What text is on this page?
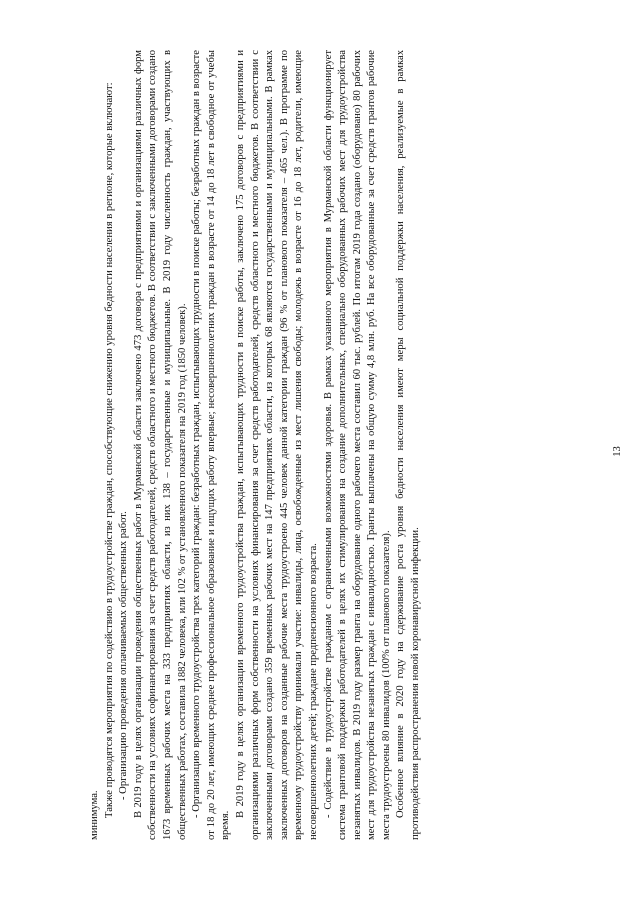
13

минимума. Также проводятся мероприятия по содействию в трудоустройстве граждан, способствующие снижению уровня бедности населения в регионе, которые включают: - Организацию проведения оплачиваемых общественных работ. В 2019 году в целях организации проведения общественных работ в Мурманской области заключено 473 договора с предприятиями и организациями различных форм собственности на условиях софинансирования за счет средств работодателей, средств областного и местного бюджетов. В соответствии с заключенными договорами создано 1673 временных рабочих места на 333 предприятиях области, из них 138 – государственные и муниципальные. В 2019 году численность граждан, участвующих в общественных работах, составила 1882 человека, или 102 % от установленного показателя на 2019 год (1850 человек). - Организацию временного трудоустройства трех категорий граждан: безработных граждан, испытывающих трудности в поиске работы; безработных граждан в возрасте от 18 до 20 лет, имеющих среднее профессиональное образование и ищущих работу впервые; несовершеннолетних граждан в возрасте от 14 до 18 лет в свободное от учебы время.

В 2019 году в целях организации временного трудоустройства граждан, испытывающих трудности в поиске работы, заключено 175 договоров с предприятиями и организациями различных форм собственности на условиях финансирования за счет средств работодателей, средств областного и местного бюджетов. В соответствии с заключенными договорами создано 359 временных рабочих мест на 147 предприятиях области, из которых 68 являются государственными и муниципальными. В рамках заключенных договоров на созданные рабочие места трудоустроено 445 человек данной категории граждан (96 % от планового показателя – 465 чел.). В программе по временному трудоустройству принимали участие: инвалиды, лица, освобожденные из мест лишения свободы; молодежь в возрасте от 16 до 18 лет, родители, имеющие несовершеннолетних детей; граждане предпенсионного возраста. - Содействие в трудоустройстве гражданам с ограниченными возможностями здоровья. В рамках указанного мероприятия в Мурманской области функционирует система грантовой поддержки работодателей в целях их стимулирования на создание дополнительных, специально оборудованных рабочих мест для трудоустройства незанятых инвалидов. В 2019 году размер гранта на оборудование одного рабочего места составил 60 тыс. рублей. По итогам 2019 года создано (оборудовано) 80 рабочих мест для трудоустройства незанятых граждан с инвалидностью. Гранты выплачены на общую сумму 4,8 млн. руб. На все оборудованные за счет средств грантов рабочие места трудоустроены 80 инвалидов (100% от планового показателя). Особенное влияние в 2020 году на сдерживание роста уровня бедности населения имеют меры социальной поддержки населения, реализуемые в рамках противодействия распространения новой коронавирусной инфекции.
